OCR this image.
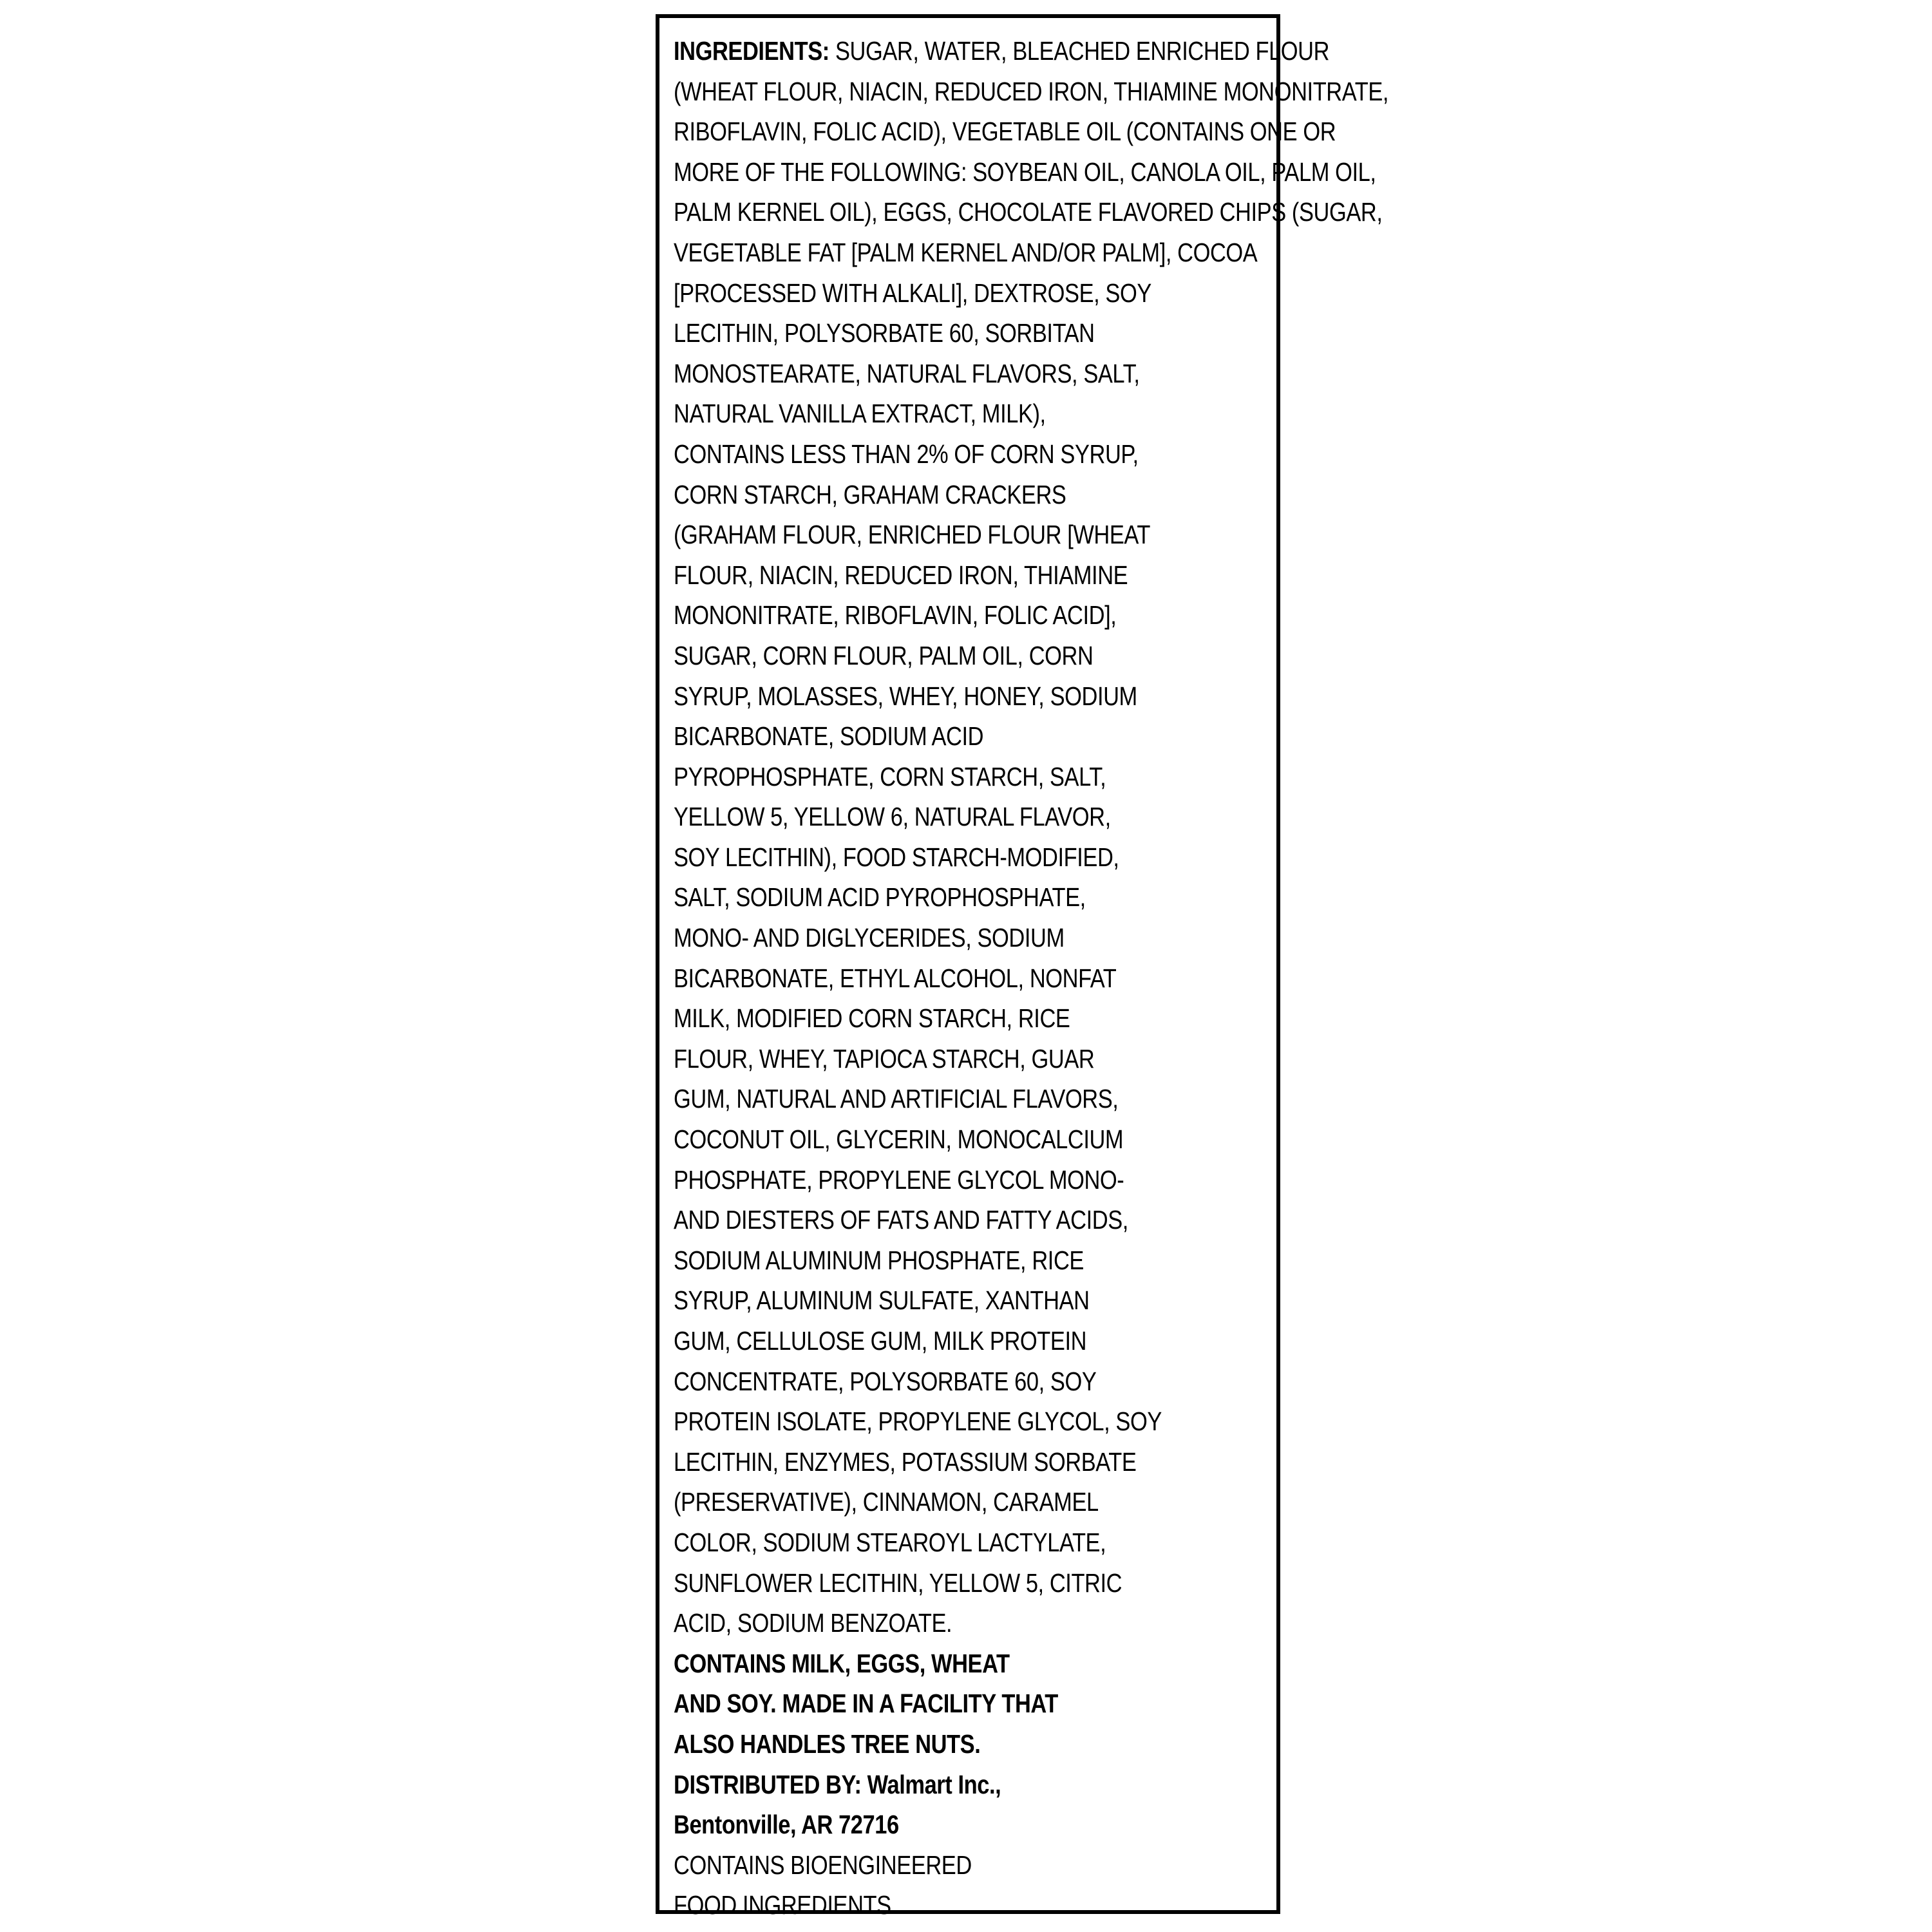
INGREDIENTS: SUGAR, WATER, BLEACHED ENRICHED FLOUR
(WHEAT FLOUR, NIACIN, REDUCED IRON, THIAMINE MONONITRATE,
RIBOFLAVIN, FOLIC ACID), VEGETABLE OIL (CONTAINS ONE OR
MORE OF THE FOLLOWING: SOYBEAN OIL, CANOLA OIL, PALM OIL,
PALM KERNEL OIL), EGGS, CHOCOLATE FLAVORED CHIPS (SUGAR,
VEGETABLE FAT [PALM KERNEL AND/OR PALM], COCOA
[PROCESSED WITH ALKALI], DEXTROSE, SOY
LECITHIN, POLYSORBATE 60, SORBITAN
MONOSTEARATE, NATURAL FLAVORS, SALT,
NATURAL VANILLA EXTRACT, MILK),
CONTAINS LESS THAN 2% OF CORN SYRUP,
CORN STARCH, GRAHAM CRACKERS
(GRAHAM FLOUR, ENRICHED FLOUR [WHEAT
FLOUR, NIACIN, REDUCED IRON, THIAMINE
MONONITRATE, RIBOFLAVIN, FOLIC ACID],
SUGAR, CORN FLOUR, PALM OIL, CORN
SYRUP, MOLASSES, WHEY, HONEY, SODIUM
BICARBONATE, SODIUM ACID
PYROPHOSPHATE, CORN STARCH, SALT,
YELLOW 5, YELLOW 6, NATURAL FLAVOR,
SOY LECITHIN), FOOD STARCH-MODIFIED,
SALT, SODIUM ACID PYROPHOSPHATE,
MONO- AND DIGLYCERIDES, SODIUM
BICARBONATE, ETHYL ALCOHOL, NONFAT
MILK, MODIFIED CORN STARCH, RICE
FLOUR, WHEY, TAPIOCA STARCH, GUAR
GUM, NATURAL AND ARTIFICIAL FLAVORS,
COCONUT OIL, GLYCERIN, MONOCALCIUM
PHOSPHATE, PROPYLENE GLYCOL MONO-
AND DIESTERS OF FATS AND FATTY ACIDS,
SODIUM ALUMINUM PHOSPHATE, RICE
SYRUP, ALUMINUM SULFATE, XANTHAN
GUM, CELLULOSE GUM, MILK PROTEIN
CONCENTRATE, POLYSORBATE 60, SOY
PROTEIN ISOLATE, PROPYLENE GLYCOL, SOY
LECITHIN, ENZYMES, POTASSIUM SORBATE
(PRESERVATIVE), CINNAMON, CARAMEL
COLOR, SODIUM STEAROYL LACTYLATE,
SUNFLOWER LECITHIN, YELLOW 5, CITRIC
ACID, SODIUM BENZOATE.
CONTAINS MILK, EGGS, WHEAT
AND SOY. MADE IN A FACILITY THAT
ALSO HANDLES TREE NUTS.
DISTRIBUTED BY: Walmart Inc.,
Bentonville, AR 72716
CONTAINS BIOENGINEERED
FOOD INGREDIENTS.
